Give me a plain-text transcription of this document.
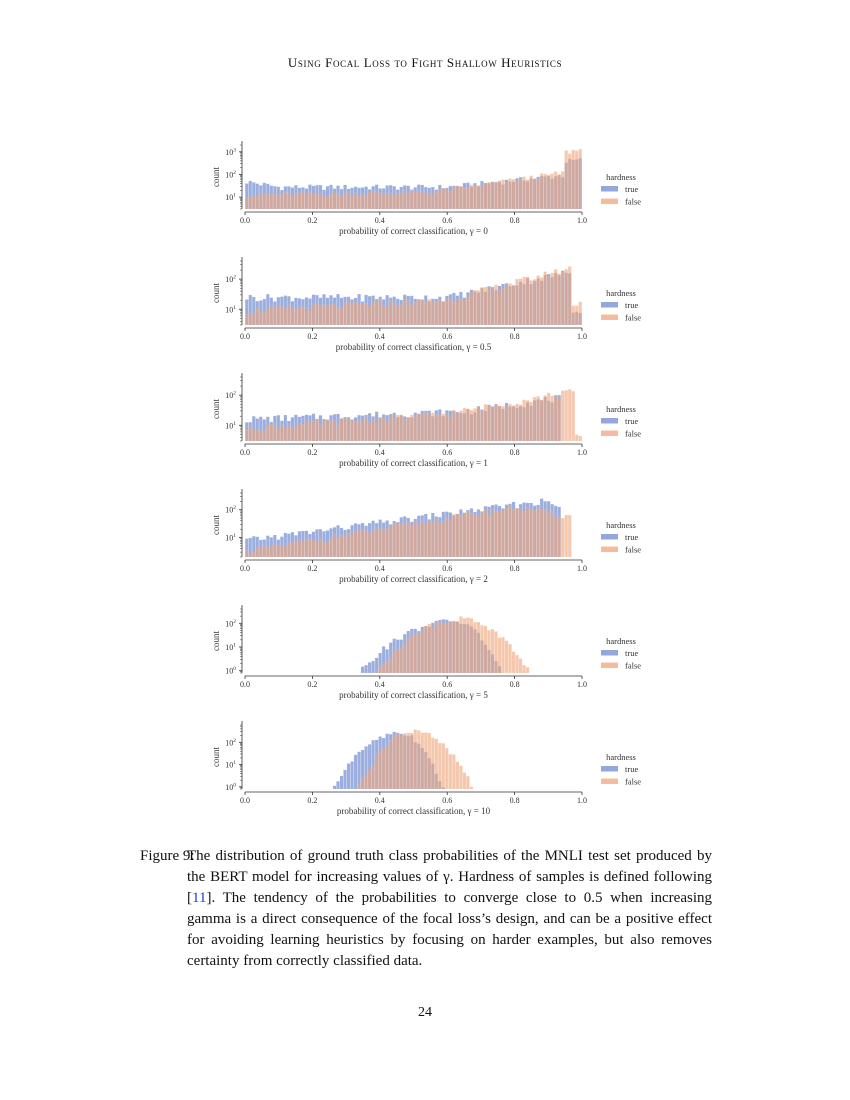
Using Focal Loss to Fight Shallow Heuristics
$10^1$
$10^2$
$10^3$
0.0	0.2	0.4	0.6	0.8	1.0
probability of correct classification, γ = 0
count	hardness
true
false
$10^1$
$10^2$
0.0	0.2	0.4	0.6	0.8	1.0
probability of correct classification, γ = 0.5
count	hardness
true
false
$10^1$
$10^2$
0.0	0.2	0.4	0.6	0.8	1.0
probability of correct classification, γ = 1
count	hardness
true
false
$10^1$
$10^2$
0.0	0.2	0.4	0.6	0.8	1.0
probability of correct classification, γ = 2
count	hardness
true
false
$10^0$
$10^1$
$10^2$
0.0	0.2	0.4	0.6	0.8	1.0
probability of correct classification, γ = 5
count	hardness
true
false
$10^0$
$10^1$
$10^2$
0.0	0.2	0.4	0.6	0.8	1.0
probability of correct classification, γ = 10
count	hardness
true
false
Figure 9:
The distribution of ground truth class probabilities of the MNLI test set produced by the BERT model for increasing values of γ. Hardness of samples is defined following [11]. The tendency of the probabilities to converge close to 0.5 when increasing gamma is a direct consequence of the focal loss’s design, and can be a positive effect for avoiding learning heuristics by focusing on harder examples, but also removes certainty from correctly classified data.
24
